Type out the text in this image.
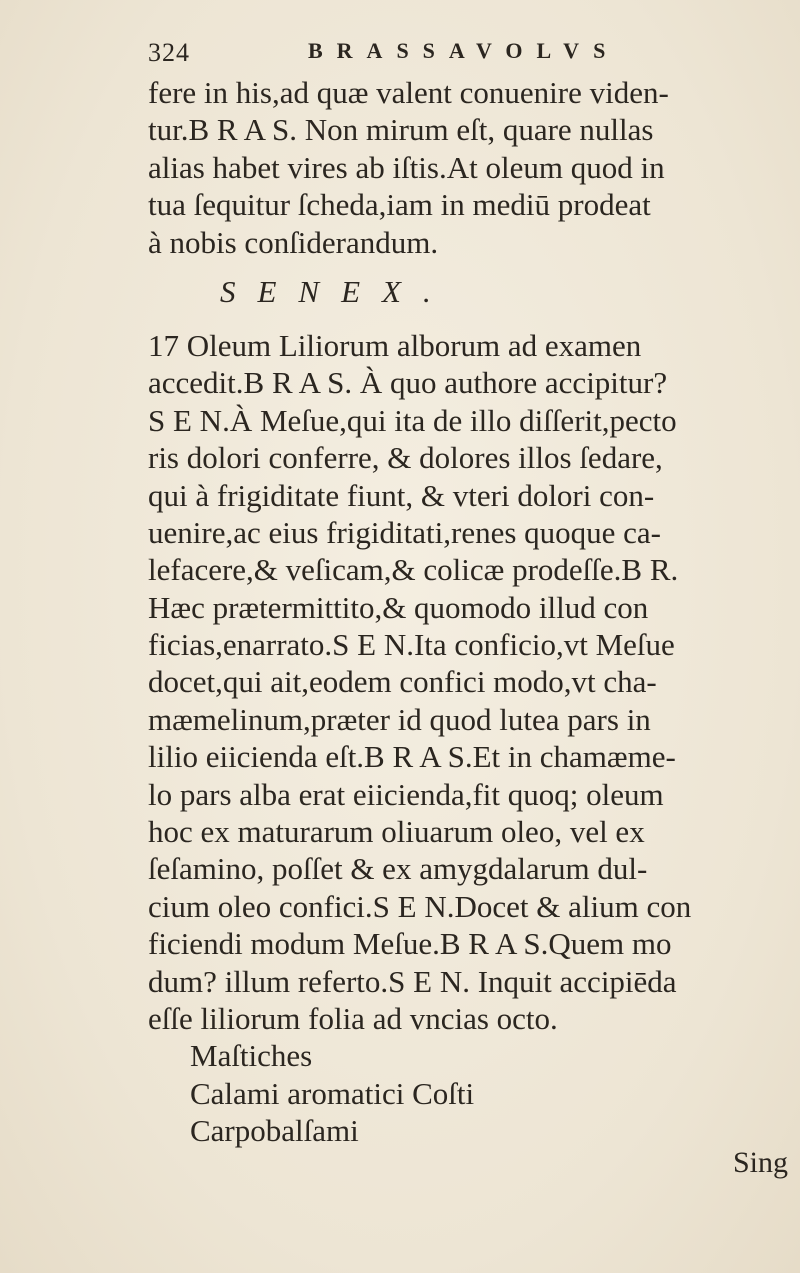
324	BRASSAVOLVS
fere in his,ad quæ valent conuenire viden-
tur.B R A S. Non mirum eſt, quare nullas
alias habet vires ab iſtis.At oleum quod in
tua ſequitur ſcheda,iam in mediū prodeat
à nobis conſiderandum.
SENEX.
17 Oleum Liliorum alborum ad examen
accedit.B R A S. À quo authore accipitur?
S E N.À Meſue,qui ita de illo diſſerit,pecto
ris dolori conferre, & dolores illos ſedare,
qui à frigiditate fiunt, & vteri dolori con-
uenire,ac eius frigiditati,renes quoque ca-
lefacere,& veſicam,& colicæ prodeſſe.B R.
Hæc prætermittito,& quomodo illud con
ficias,enarrato.S E N.Ita conficio,vt Meſue
docet,qui ait,eodem confici modo,vt cha-
mæmelinum,præter id quod lutea pars in
lilio eiicienda eſt.B R A S.Et in chamæme-
lo pars alba erat eiicienda,fit quoq; oleum
hoc ex maturarum oliuarum oleo, vel ex
ſeſamino, poſſet & ex amygdalarum dul-
cium oleo confici.S E N.Docet & alium con
ficiendi modum Meſue.B R A S.Quem mo
dum? illum referto.S E N. Inquit accipiēda
eſſe liliorum folia ad vncias octo.
Maſtiches
Calami aromatici Coſti
Carpobalſami
Sing
